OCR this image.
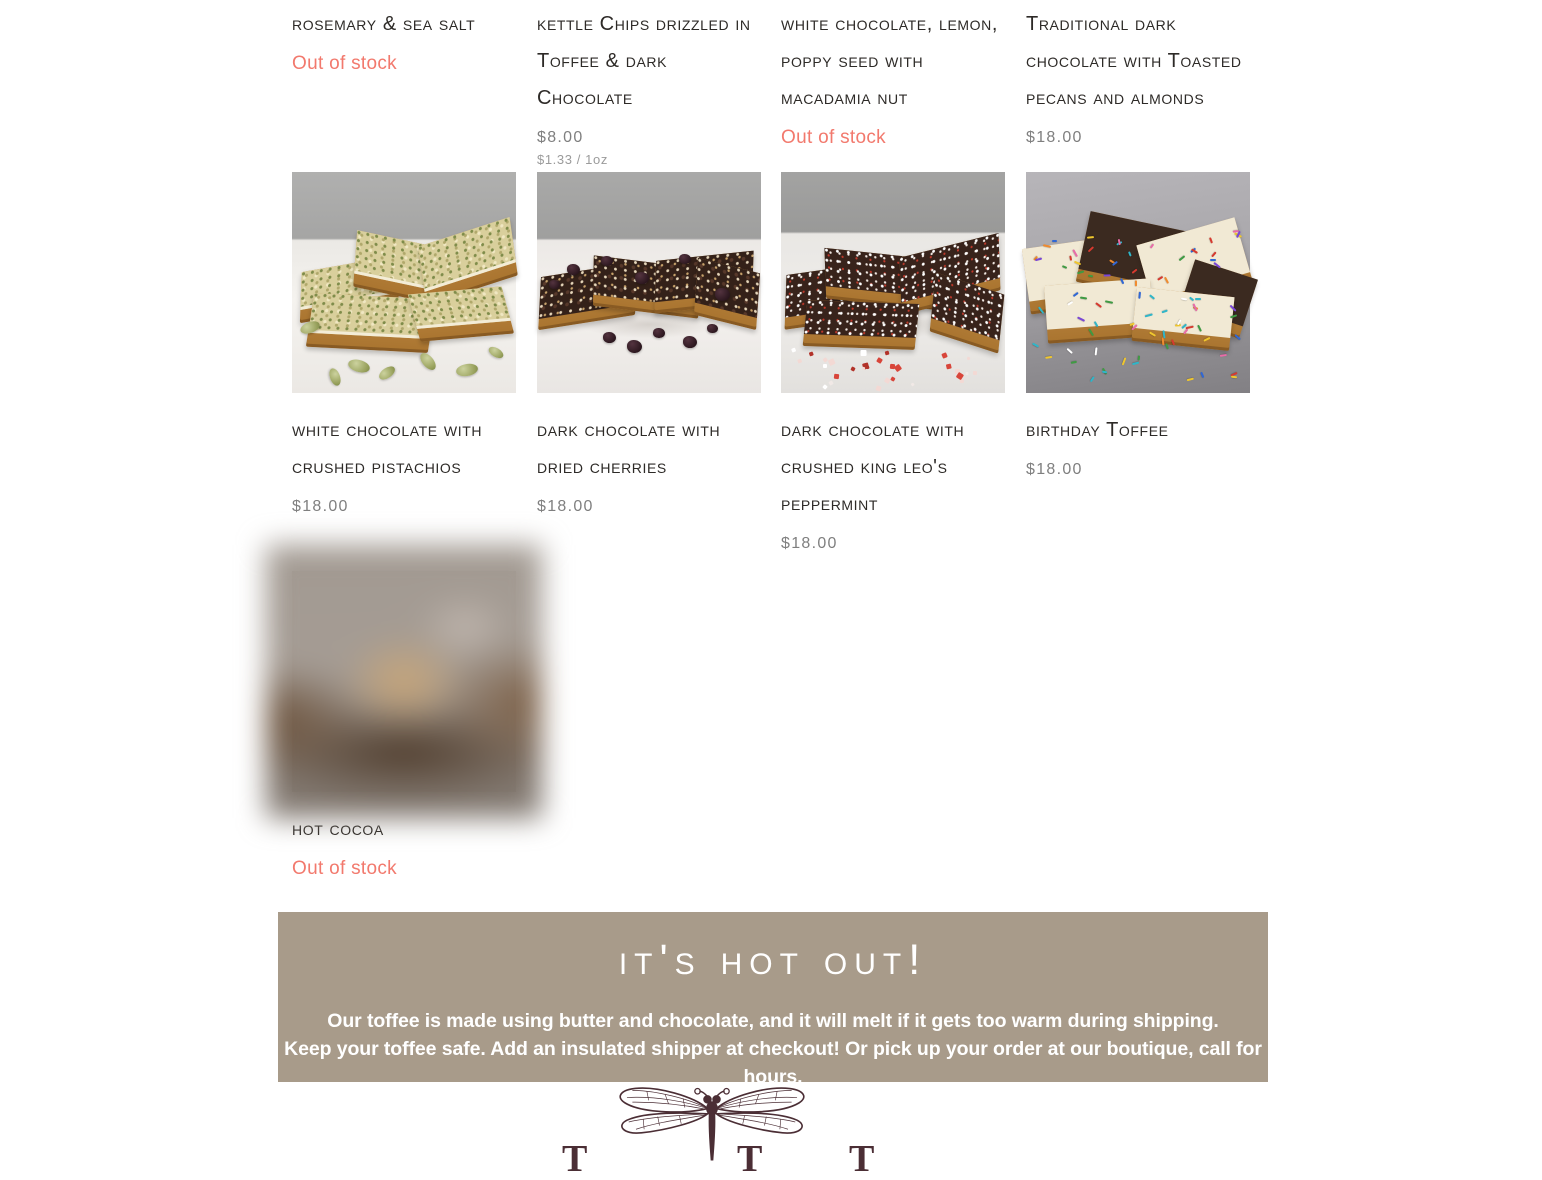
rosemary & sea salt
Out of stock
kettle Chips drizzled in Toffee & dark Chocolate
$8.00
$1.33 / 1oz
white chocolate, lemon, poppy seed with macadamia nut
Out of stock
Traditional dark chocolate with Toasted pecans and almonds
$18.00
white chocolate with crushed pistachios
$18.00
dark chocolate with dried cherries
$18.00
dark chocolate with crushed king leo's peppermint
$18.00
birthday Toffee
$18.00
hot cocoa
Out of stock
it's hot out!
Our toffee is made using butter and chocolate, and it will melt if it gets too warm during shipping.
Keep your toffee safe. Add an insulated shipper at checkout! Or pick up your order at our boutique, call for hours.
T	T T
